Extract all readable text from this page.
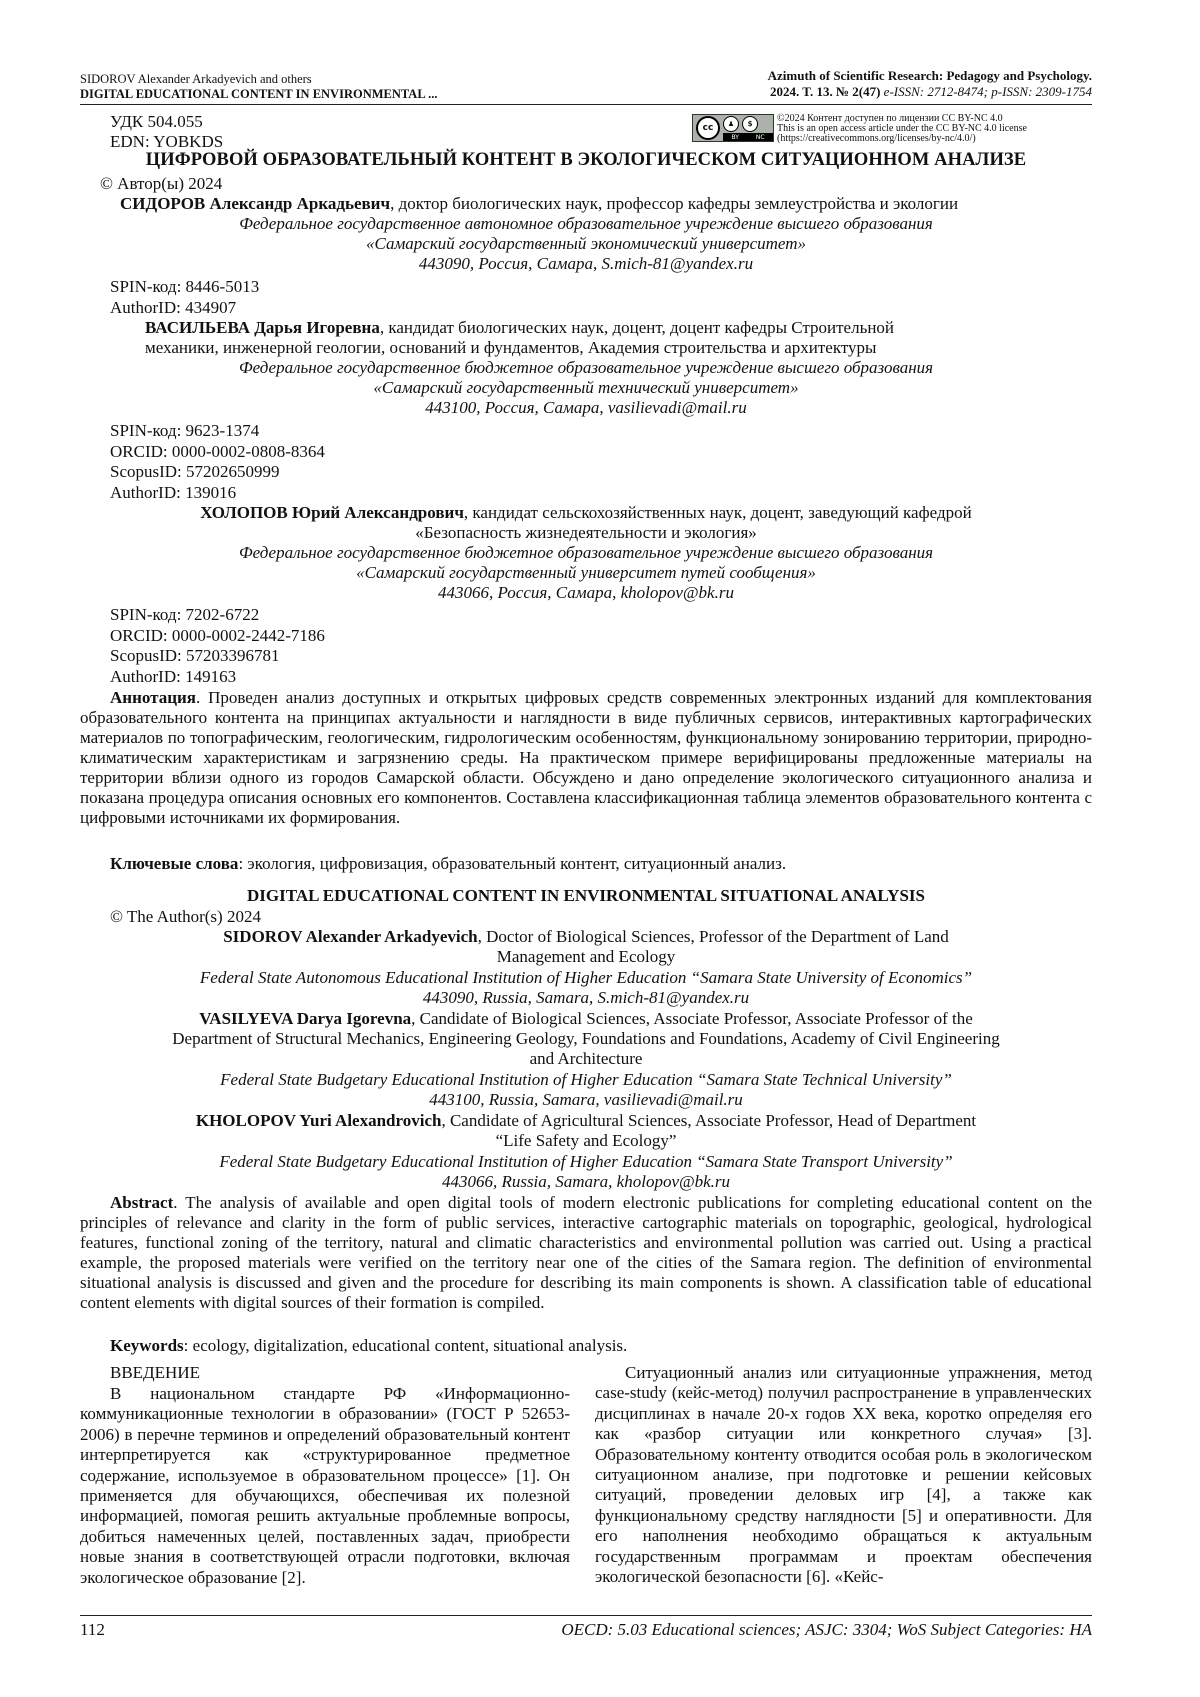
SIDOROV Alexander Arkadyevich and others
DIGITAL EDUCATIONAL CONTENT IN ENVIRONMENTAL ...
Azimuth of Scientific Research: Pedagogy and Psychology.
2024. T. 13. № 2(47) e-ISSN: 2712-8474; p-ISSN: 2309-1754
УДК 504.055
EDN: YOBKDS
cc	♟	$
BY	NC
©2024 Контент доступен по лицензии CC BY-NC 4.0
This is an open access article under the CC BY-NC 4.0 license
(https://creativecommons.org/licenses/by-nc/4.0/)
ЦИФРОВОЙ ОБРАЗОВАТЕЛЬНЫЙ КОНТЕНТ В ЭКОЛОГИЧЕСКОМ СИТУАЦИОННОМ АНАЛИЗЕ
© Автор(ы) 2024
СИДОРОВ Александр Аркадьевич, доктор биологических наук, профессор кафедры землеустройства и экологии
Федеральное государственное автономное образовательное учреждение высшего образования
«Самарский государственный экономический университет»
443090, Россия, Самара, S.mich-81@yandex.ru
SPIN-код: 8446-5013
AuthorID: 434907
ВАСИЛЬЕВА Дарья Игоревна, кандидат биологических наук, доцент, доцент кафедры Строительной
механики, инженерной геологии, оснований и фундаментов, Академия строительства и архитектуры
Федеральное государственное бюджетное образовательное учреждение высшего образования
«Самарский государственный технический университет»
443100, Россия, Самара, vasilievadi@mail.ru
SPIN-код: 9623-1374
ORCID: 0000-0002-0808-8364
ScopusID: 57202650999
AuthorID: 139016
ХОЛОПОВ Юрий Александрович, кандидат сельскохозяйственных наук, доцент, заведующий кафедрой
«Безопасность жизнедеятельности и экология»
Федеральное государственное бюджетное образовательное учреждение высшего образования
«Самарский государственный университет путей сообщения»
443066, Россия, Самара, kholopov@bk.ru
SPIN-код: 7202-6722
ORCID: 0000-0002-2442-7186
ScopusID: 57203396781
AuthorID: 149163
Аннотация. Проведен анализ доступных и открытых цифровых средств современных электронных изданий для комплектования образовательного контента на принципах актуальности и наглядности в виде публичных сервисов, интерактивных картографических материалов по топографическим, геологическим, гидрологическим особенностям, функциональному зонированию территории, природно-климатическим характеристикам и загрязнению среды. На практическом примере верифицированы предложенные материалы на территории вблизи одного из городов Самарской области. Обсуждено и дано определение экологического ситуационного анализа и показана процедура описания основных его компонентов. Составлена классификационная таблица элементов образовательного контента с цифровыми источниками их формирования.
Ключевые слова: экология, цифровизация, образовательный контент, ситуационный анализ.
DIGITAL EDUCATIONAL CONTENT IN ENVIRONMENTAL SITUATIONAL ANALYSIS
© The Author(s) 2024
SIDOROV Alexander Arkadyevich, Doctor of Biological Sciences, Professor of the Department of Land
Management and Ecology
Federal State Autonomous Educational Institution of Higher Education “Samara State University of Economics”
443090, Russia, Samara, S.mich-81@yandex.ru
VASILYEVA Darya Igorevna, Candidate of Biological Sciences, Associate Professor, Associate Professor of the
Department of Structural Mechanics, Engineering Geology, Foundations and Foundations, Academy of Civil Engineering
and Architecture
Federal State Budgetary Educational Institution of Higher Education “Samara State Technical University”
443100, Russia, Samara, vasilievadi@mail.ru
KHOLOPOV Yuri Alexandrovich, Candidate of Agricultural Sciences, Associate Professor, Head of Department
“Life Safety and Ecology”
Federal State Budgetary Educational Institution of Higher Education “Samara State Transport University”
443066, Russia, Samara, kholopov@bk.ru
Abstract. The analysis of available and open digital tools of modern electronic publications for completing educational content on the principles of relevance and clarity in the form of public services, interactive cartographic materials on topographic, geological, hydrological features, functional zoning of the territory, natural and climatic characteristics and environmental pollution was carried out. Using a practical example, the proposed materials were verified on the territory near one of the cities of the Samara region. The definition of environmental situational analysis is discussed and given and the procedure for describing its main components is shown. A classification table of educational content elements with digital sources of their formation is compiled.
Keywords: ecology, digitalization, educational content, situational analysis.
ВВЕДЕНИЕ
В национальном стандарте РФ «Информационно-коммуникационные технологии в образовании» (ГОСТ Р 52653-2006) в перечне терминов и определений образовательный контент интерпретируется как «структурированное предметное содержание, используемое в образовательном процессе» [1]. Он применяется для обучающихся, обеспечивая их полезной информацией, помогая решить актуальные проблемные вопросы, добиться намеченных целей, поставленных задач, приобрести новые знания в соответствующей отрасли подготовки, включая экологическое образование [2].
Ситуационный анализ или ситуационные упражнения, метод case-study (кейс-метод) получил распространение в управленческих дисциплинах в начале 20-х годов XX века, коротко определяя его как «разбор ситуации или конкретного случая» [3]. Образовательному контенту отводится особая роль в экологическом ситуационном анализе, при подготовке и решении кейсовых ситуаций, проведении деловых игр [4], а также как функциональному средству наглядности [5] и оперативности. Для его наполнения необходимо обращаться к актуальным государственным программам и проектам обеспечения экологической безопасности [6]. «Кейс-
112	OECD: 5.03 Educational sciences; ASJC: 3304; WoS Subject Categories: HA
